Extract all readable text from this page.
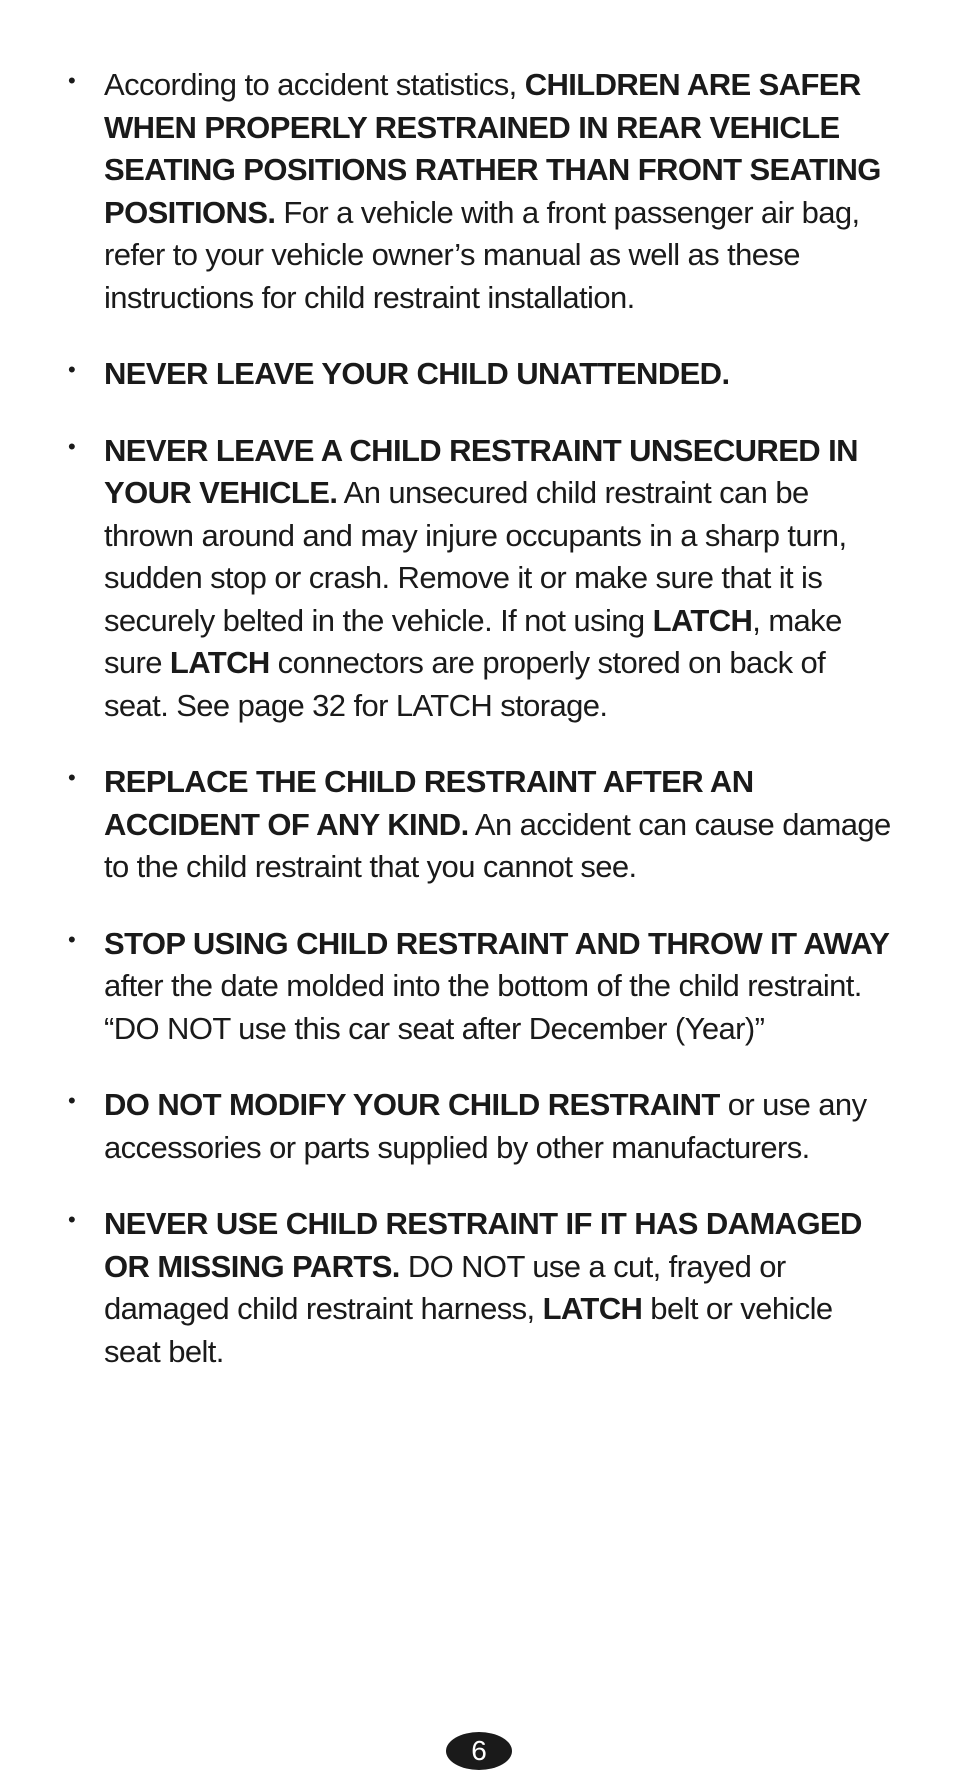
• According to accident statistics, CHILDREN ARE SAFER WHEN PROPERLY RESTRAINED IN REAR VEHICLE SEATING POSITIONS RATHER THAN FRONT SEATING POSITIONS. For a vehicle with a front passenger air bag, refer to your vehicle owner’s manual as well as these instructions for child restraint installation.
• NEVER LEAVE YOUR CHILD UNATTENDED.
• NEVER LEAVE A CHILD RESTRAINT UNSECURED IN YOUR VEHICLE. An unsecured child restraint can be thrown around and may injure occupants in a sharp turn, sudden stop or crash. Remove it or make sure that it is securely belted in the vehicle. If not using LATCH, make sure LATCH connectors are properly stored on back of seat. See page 32 for LATCH storage.
• REPLACE THE CHILD RESTRAINT AFTER AN ACCIDENT OF ANY KIND. An accident can cause damage to the child restraint that you cannot see.
• STOP USING CHILD RESTRAINT AND THROW IT AWAY after the date molded into the bottom of the child restraint. “DO NOT use this car seat after December (Year)”
• DO NOT MODIFY YOUR CHILD RESTRAINT or use any accessories or parts supplied by other manufacturers.
• NEVER USE CHILD RESTRAINT IF IT HAS DAMAGED OR MISSING PARTS. DO NOT use a cut, frayed or damaged child restraint harness, LATCH belt or vehicle seat belt.
6
